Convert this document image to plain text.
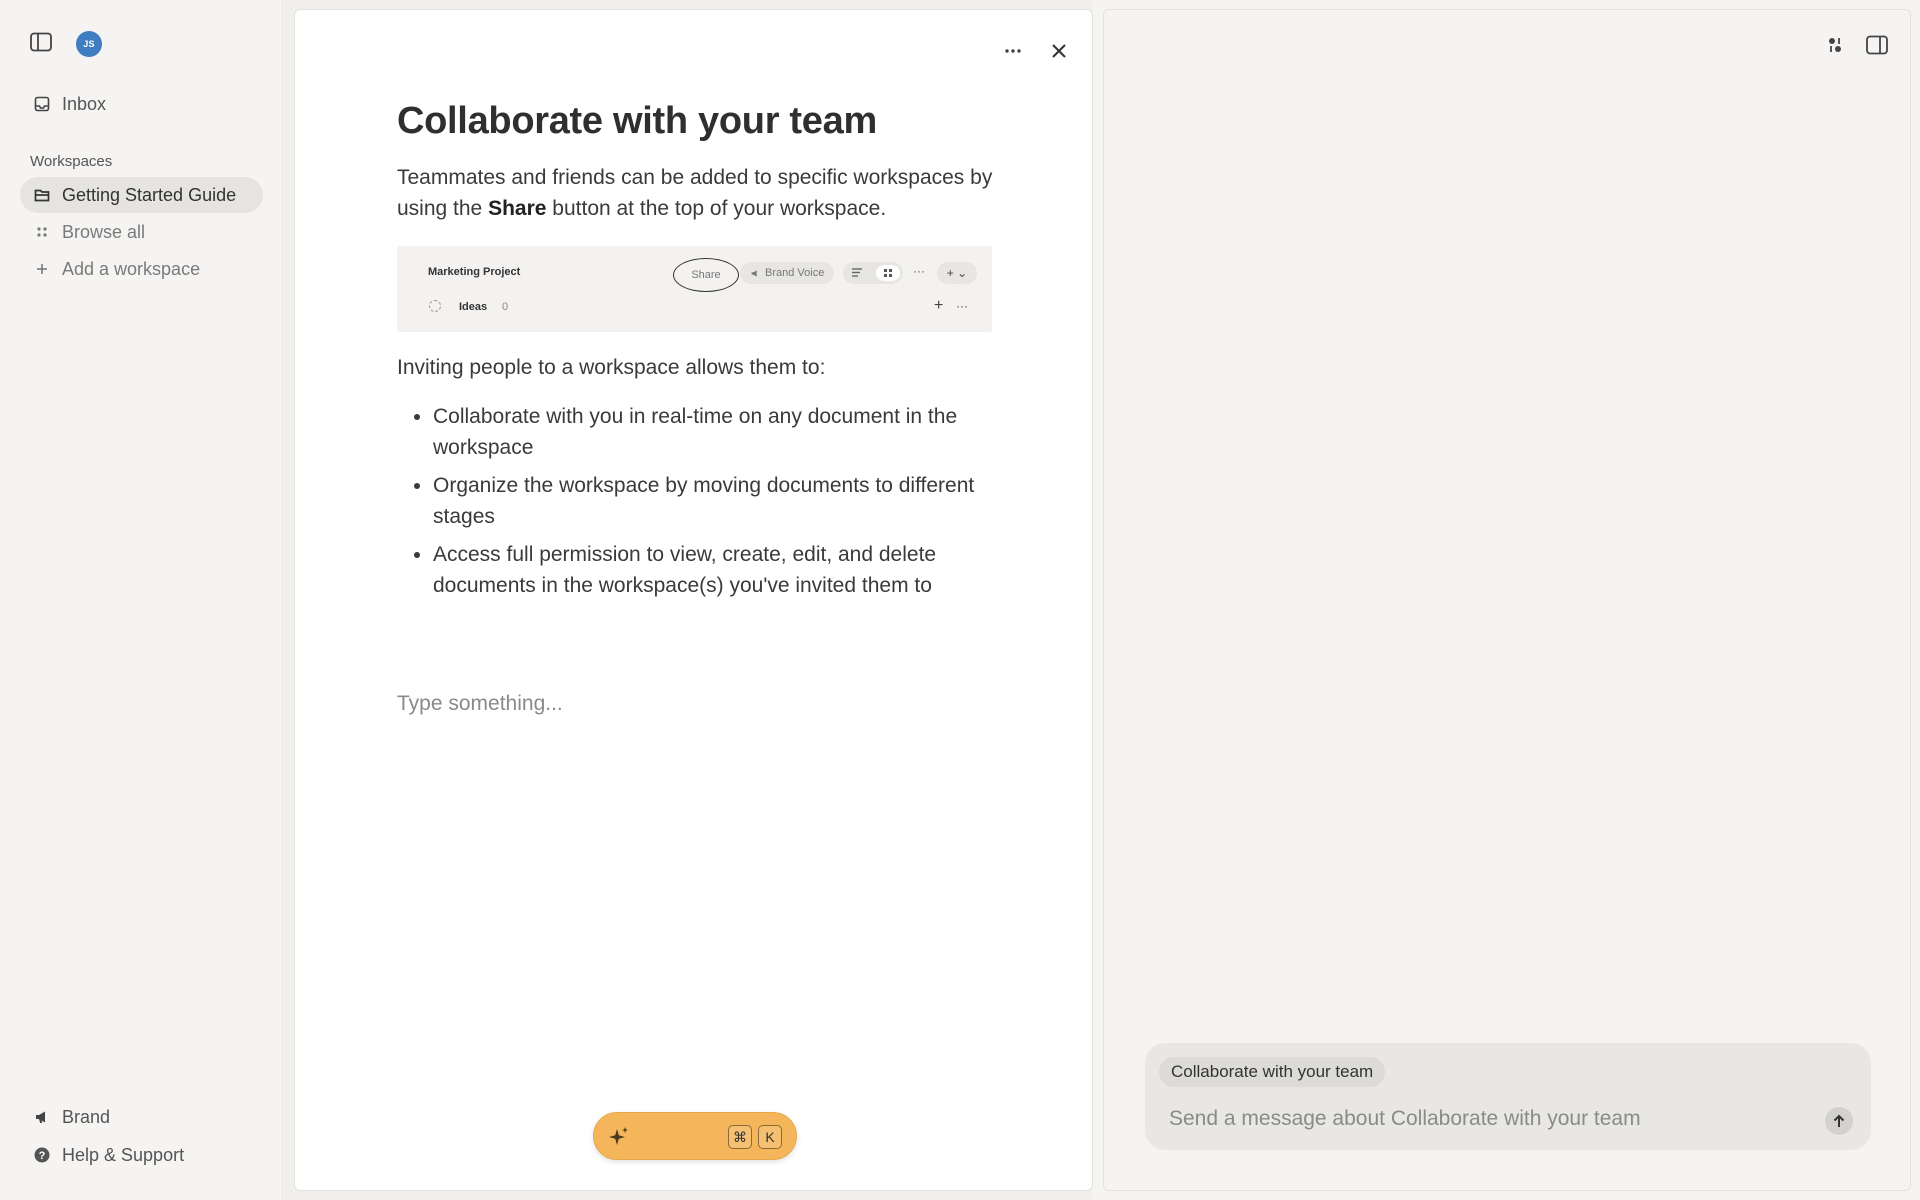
JS
Inbox
Workspaces
Getting Started Guide
Browse all
Add a workspace
Brand
? Help & Support
Collaborate with your team

Teammates and friends can be added to specific workspaces by using the Share button at the top of your workspace.

Marketing Project	Share	Brand Voice	···	+ ⌄
Ideas 0	+ ···

Inviting people to a workspace allows them to:

• Collaborate with you in real-time on any document in the workspace
• Organize the workspace by moving documents to different stages
• Access full permission to view, create, edit, and delete documents in the workspace(s) you've invited them to
Type something...
⌘	K
Collaborate with your team
Send a message about Collaborate with your team
